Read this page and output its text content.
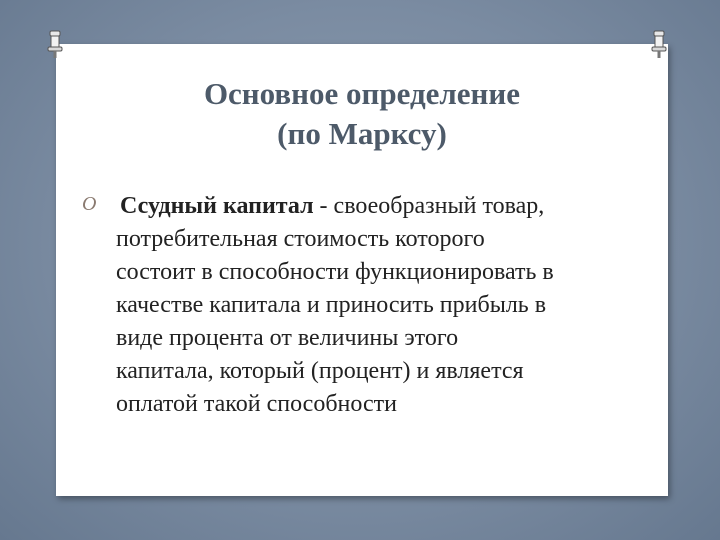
Основное определение
(по Марксу)
O Ссудный капитал - своеобразный товар,
потребительная стоимость которого
состоит в способности функционировать в
качестве капитала и приносить прибыль в
виде процента от величины этого
капитала, который (процент) и является
оплатой такой способности
